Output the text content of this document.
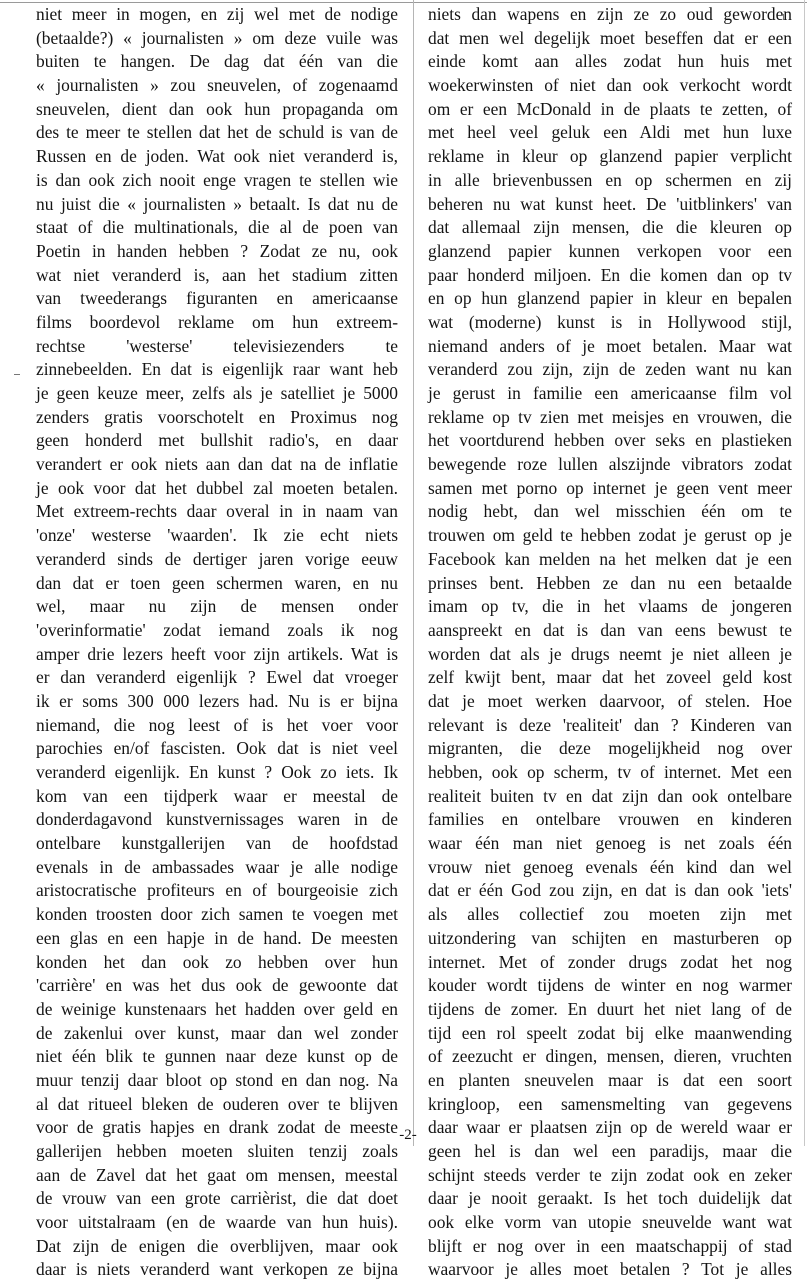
niet meer in mogen, en zij wel met de nodige
(betaalde?) « journalisten » om deze vuile was
buiten te hangen. De dag dat één van die
« journalisten » zou sneuvelen, of zogenaamd
sneuvelen, dient dan ook hun propaganda om
des te meer te stellen dat het de schuld is van de
Russen en de joden. Wat ook niet veranderd is,
is dan ook zich nooit enge vragen te stellen wie
nu juist die « journalisten » betaalt. Is dat nu de
staat of die multinationals, die al de poen van
Poetin in handen hebben ? Zodat ze nu, ook
wat niet veranderd is, aan het stadium zitten
van tweederangs figuranten en americaanse
films boordevol reklame om hun extreem-
rechtse 'westerse' televisiezenders te
zinnebeelden. En dat is eigenlijk raar want heb
je geen keuze meer, zelfs als je satelliet je 5000
zenders gratis voorschotelt en Proximus nog
geen honderd met bullshit radio's, en daar
verandert er ook niets aan dan dat na de inflatie
je ook voor dat het dubbel zal moeten betalen.
Met extreem-rechts daar overal in in naam van
'onze' westerse 'waarden'. Ik zie echt niets
veranderd sinds de dertiger jaren vorige eeuw
dan dat er toen geen schermen waren, en nu
wel, maar nu zijn de mensen onder
'overinformatie' zodat iemand zoals ik nog
amper drie lezers heeft voor zijn artikels. Wat is
er dan veranderd eigenlijk ? Ewel dat vroeger
ik er soms 300 000 lezers had. Nu is er bijna
niemand, die nog leest of is het voer voor
parochies en/of fascisten. Ook dat is niet veel
veranderd eigenlijk. En kunst ? Ook zo iets. Ik
kom van een tijdperk waar er meestal de
donderdagavond kunstvernissages waren in de
ontelbare kunstgallerijen van de hoofdstad
evenals in de ambassades waar je alle nodige
aristocratische profiteurs en of bourgeoisie zich
konden troosten door zich samen te voegen met
een glas en een hapje in de hand. De meesten
konden het dan ook zo hebben over hun
'carrière' en was het dus ook de gewoonte dat
de weinige kunstenaars het hadden over geld en
de zakenlui over kunst, maar dan wel zonder
niet één blik te gunnen naar deze kunst op de
muur tenzij daar bloot op stond en dan nog. Na
al dat ritueel bleken de ouderen over te blijven
voor de gratis hapjes en drank zodat de meeste
gallerijen hebben moeten sluiten tenzij zoals
aan de Zavel dat het gaat om mensen, meestal
de vrouw van een grote carrièrist, die dat doet
voor uitstalraam (en de waarde van hun huis).
Dat zijn de enigen die overblijven, maar ook
daar is niets veranderd want verkopen ze bijna
niets dan wapens en zijn ze zo oud geworden
dat men wel degelijk moet beseffen dat er een
einde komt aan alles zodat hun huis met
woekerwinsten of niet dan ook verkocht wordt
om er een McDonald in de plaats te zetten, of
met heel veel geluk een Aldi met hun luxe
reklame in kleur op glanzend papier verplicht
in alle brievenbussen en op schermen en zij
beheren nu wat kunst heet. De 'uitblinkers' van
dat allemaal zijn mensen, die die kleuren op
glanzend papier kunnen verkopen voor een
paar honderd miljoen. En die komen dan op tv
en op hun glanzend papier in kleur en bepalen
wat (moderne) kunst is in Hollywood stijl,
niemand anders of je moet betalen. Maar wat
veranderd zou zijn, zijn de zeden want nu kan
je gerust in familie een americaanse film vol
reklame op tv zien met meisjes en vrouwen, die
het voortdurend hebben over seks en plastieken
bewegende roze lullen alszijnde vibrators zodat
samen met porno op internet je geen vent meer
nodig hebt, dan wel misschien één om te
trouwen om geld te hebben zodat je gerust op je
Facebook kan melden na het melken dat je een
prinses bent. Hebben ze dan nu een betaalde
imam op tv, die in het vlaams de jongeren
aanspreekt en dat is dan van eens bewust te
worden dat als je drugs neemt je niet alleen je
zelf kwijt bent, maar dat het zoveel geld kost
dat je moet werken daarvoor, of stelen. Hoe
relevant is deze 'realiteit' dan ? Kinderen van
migranten, die deze mogelijkheid nog over
hebben, ook op scherm, tv of internet. Met een
realiteit buiten tv en dat zijn dan ook ontelbare
families en ontelbare vrouwen en kinderen
waar één man niet genoeg is net zoals één
vrouw niet genoeg evenals één kind dan wel
dat er één God zou zijn, en dat is dan ook 'iets'
als alles collectief zou moeten zijn met
uitzondering van schijten en masturberen op
internet. Met of zonder drugs zodat het nog
kouder wordt tijdens de winter en nog warmer
tijdens de zomer. En duurt het niet lang of de
tijd een rol speelt zodat bij elke maanwending
of zeezucht er dingen, mensen, dieren, vruchten
en planten sneuvelen maar is dat een soort
kringloop, een samensmelting van gegevens
daar waar er plaatsen zijn op de wereld waar er
geen hel is dan wel een paradijs, maar die
schijnt steeds verder te zijn zodat ook en zeker
daar je nooit geraakt. Is het toch duidelijk dat
ook elke vorm van utopie sneuvelde want wat
blijft er nog over in een maatschappij of stad
waarvoor je alles moet betalen ? Tot je alles
-2-
